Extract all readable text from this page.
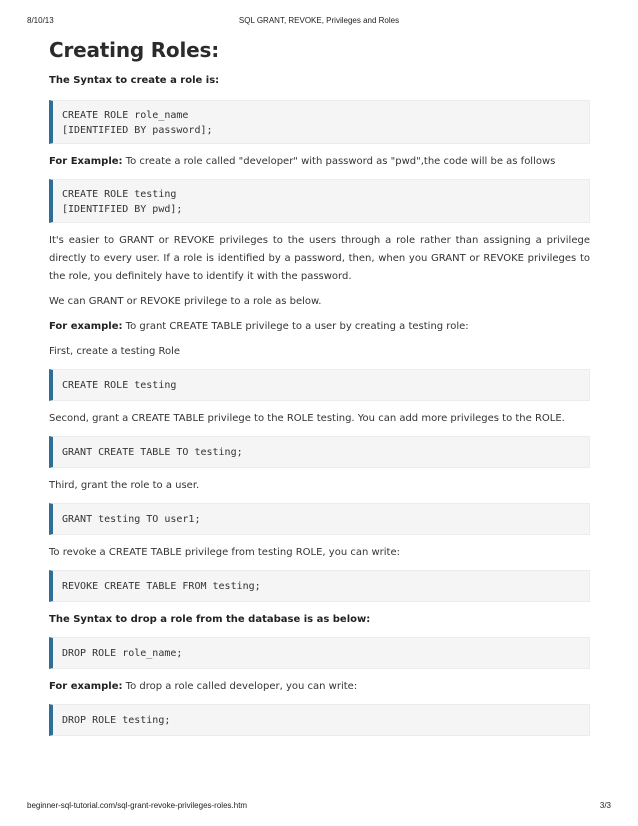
8/10/13	SQL GRANT, REVOKE, Privileges and Roles
Creating Roles:

The Syntax to create a role is:

CREATE ROLE role_name
[IDENTIFIED BY password];

For Example: To create a role called "developer" with password as "pwd",the code will be as follows

CREATE ROLE testing
[IDENTIFIED BY pwd];

It's easier to GRANT or REVOKE privileges to the users through a role rather than assigning a privilege directly to every user. If a role is identified by a password, then, when you GRANT or REVOKE privileges to the role, you definitely have to identify it with the password.

We can GRANT or REVOKE privilege to a role as below.

For example: To grant CREATE TABLE privilege to a user by creating a testing role:

First, create a testing Role

CREATE ROLE testing

Second, grant a CREATE TABLE privilege to the ROLE testing. You can add more privileges to the ROLE.

GRANT CREATE TABLE TO testing;

Third, grant the role to a user.

GRANT testing TO user1;

To revoke a CREATE TABLE privilege from testing ROLE, you can write:

REVOKE CREATE TABLE FROM testing;

The Syntax to drop a role from the database is as below:

DROP ROLE role_name;

For example: To drop a role called developer, you can write:

DROP ROLE testing;
beginner-sql-tutorial.com/sql-grant-revoke-privileges-roles.htm	3/3
